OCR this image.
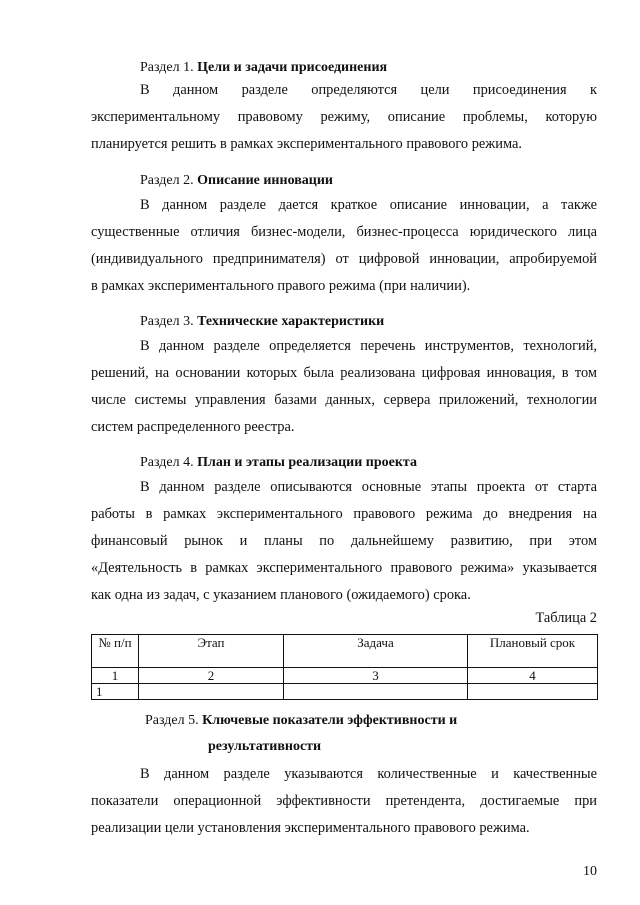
Раздел 1. Цели и задачи присоединения
В данном разделе определяются цели присоединения к
экспериментальному правовому режиму, описание проблемы, которую
планируется решить в рамках экспериментального правового режима.
Раздел 2. Описание инновации
В данном разделе дается краткое описание инновации, а также
существенные отличия бизнес-модели, бизнес-процесса юридического лица
(индивидуального предпринимателя) от цифровой инновации, апробируемой
в рамках экспериментального правого режима (при наличии).
Раздел 3. Технические характеристики
В данном разделе определяется перечень инструментов, технологий,
решений, на основании которых была реализована цифровая инновация, в том
числе системы управления базами данных, сервера приложений, технологии
систем распределенного реестра.
Раздел 4. План и этапы реализации проекта
В данном разделе описываются основные этапы проекта от старта
работы в рамках экспериментального правового режима до внедрения на
финансовый рынок и планы по дальнейшему развитию, при этом
«Деятельность в рамках экспериментального правового режима» указывается
как одна из задач, с указанием планового (ожидаемого) срока.
Таблица 2
№ п/п	Этап	Задача	Плановый срок
1	2	3	4
1			
Раздел 5. Ключевые показатели эффективности и
результативности
В данном разделе указываются количественные и качественные
показатели операционной эффективности претендента, достигаемые при
реализации цели установления экспериментального правового режима.
10
